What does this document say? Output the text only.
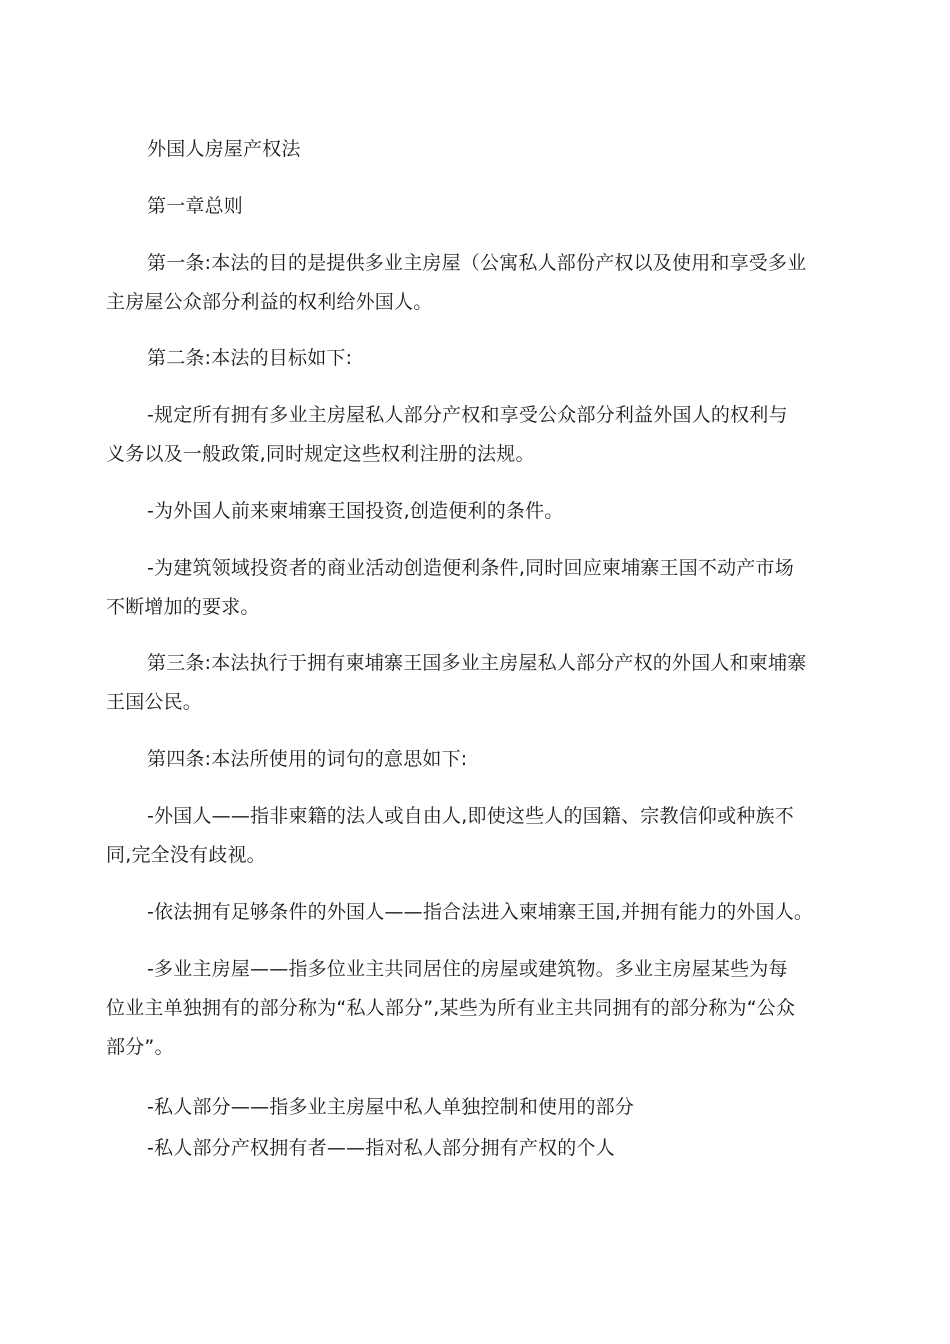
外国人房屋产权法
第一章总则
第一条:本法的目的是提供多业主房屋（公寓私人部份产权以及使用和享受多业
主房屋公众部分利益的权利给外国人。
第二条:本法的目标如下:
-规定所有拥有多业主房屋私人部分产权和享受公众部分利益外国人的权利与
义务以及一般政策,同时规定这些权利注册的法规。
-为外国人前来柬埔寨王国投资,创造便利的条件。
-为建筑领域投资者的商业活动创造便利条件,同时回应柬埔寨王国不动产市场
不断增加的要求。
第三条:本法执行于拥有柬埔寨王国多业主房屋私人部分产权的外国人和柬埔寨
王国公民。
第四条:本法所使用的词句的意思如下:
-外国人——指非柬籍的法人或自由人,即使这些人的国籍、宗教信仰或种族不
同,完全没有歧视。
-依法拥有足够条件的外国人——指合法进入柬埔寨王国,并拥有能力的外国人。
-多业主房屋——指多位业主共同居住的房屋或建筑物。多业主房屋某些为每
位业主单独拥有的部分称为“私人部分”,某些为所有业主共同拥有的部分称为“公众
部分”。
-私人部分——指多业主房屋中私人单独控制和使用的部分
-私人部分产权拥有者——指对私人部分拥有产权的个人
